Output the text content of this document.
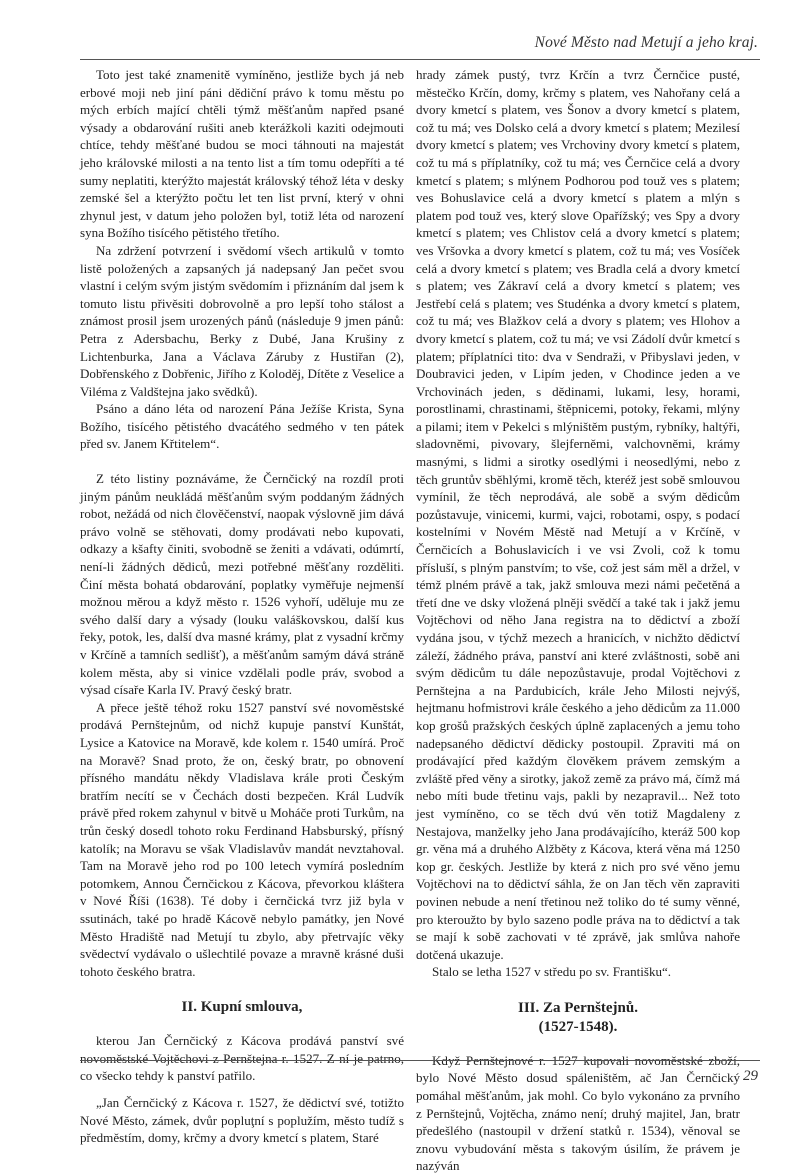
Nové Město nad Metují a jeho kraj.

Toto jest také znamenitě vymíněno, jestliže bych já neb erbové moji neb jiní páni dědiční právo k tomu městu po mých erbích mající chtěli týmž měšťanům napřed psané výsady a obdarování rušiti aneb kterážkoli kaziti odejmouti chtíce, tehdy měšťané budou se moci táhnouti na majestát jeho královské milosti a na tento list a tím tomu odepříti a té sumy neplatiti, kterýžto majestát královský téhož léta v desky zemské šel a kterýžto počtu let ten list první, který v ohni zhynul jest, v datum jeho položen byl, totiž léta od narození syna Božího tisícého pětistého třetího.

Na zdržení potvrzení i svědomí všech artikulů v tomto listě položených a zapsaných já nadepsaný Jan pečet svou vlastní i celým svým jistým svědomím i přiznáním dal jsem k tomuto listu přivěsiti dobrovolně a pro lepší toho stálost a známost prosil jsem urozených pánů (následuje 9 jmen pánů: Petra z Adersbachu, Berky z Dubé, Jana Krušiny z Lichtenburka, Jana a Václava Záruby z Hustiřan (2), Dobřenského z Dobřenic, Jiřího z Koloděj, Dítěte z Veselice a Viléma z Valdštejna jako svědků).

Psáno a dáno léta od narození Pána Ježíše Krista, Syna Božího, tisícého pětistého dvacátého sedmého v ten pátek před sv. Janem Křtitelem“.

Z této listiny poznáváme, že Černčický na rozdíl proti jiným pánům neukládá měšťanům svým poddaným žádných robot, nežádá od nich člověčenství, naopak výslovně jim dává právo volně se stěhovati, domy prodávati nebo kupovati, odkazy a kšafty činiti, svobodně se ženiti a vdávati, odúmrtí, není-li žádných dědiců, mezi potřebné měšťany rozděliti. Činí města bohatá obdarování, poplatky vyměřuje nejmenší možnou měrou a když město r. 1526 vyhoří, uděluje mu ze svého další dary a výsady (louku valáškovskou, další kus řeky, potok, les, další dva masné krámy, plat z vysadní krčmy v Krčíně a tamních sedlišť), a měšťanům samým dává stráně kolem města, aby si vinice vzdělali podle práv, svobod a výsad císaře Karla IV. Pravý český bratr.

A přece ještě téhož roku 1527 panství své novoměstské prodává Pernštejnům, od nichž kupuje panství Kunštát, Lysice a Katovice na Moravě, kde kolem r. 1540 umírá. Proč na Moravě? Snad proto, že on, český bratr, po obnovení přísného mandátu někdy Vladislava krále proti Českým bratřím necítí se v Čechách dosti bezpečen. Král Ludvík právě před rokem zahynul v bitvě u Moháče proti Turkům, na trůn český dosedl tohoto roku Ferdinand Habsburský, přísný katolík; na Moravu se však Vladislavův mandát nevztahoval. Tam na Moravě jeho rod po 100 letech vymírá posledním potomkem, Annou Černčickou z Kácova, převorkou kláštera v Nové Říši (1638). Té doby i černčická tvrz již byla v ssutinách, také po hradě Kácově nebylo památky, jen Nové Město Hradiště nad Metují tu zbylo, aby přetrvajíc věky svědectví vydávalo o ušlechtilé povaze a mravně krásné duši tohoto českého bratra.

II. Kupní smlouva,

kterou Jan Černčický z Kácova prodává panství své novoměstské Vojtěchovi z Pernštejna r. 1527. Z ní je patrno, co všecko tehdy k panství patřilo.

„Jan Černčický z Kácova r. 1527, že dědictví své, totižto Nové Město, zámek, dvůr popluţní s poplužím, město tudíž s předměstím, domy, krčmy a dvory kmetcí s platem, Staré

hrady zámek pustý, tvrz Krčín a tvrz Černčice pusté, městečko Krčín, domy, krčmy s platem, ves Nahořany celá a dvory kmetcí s platem, ves Šonov a dvory kmetcí s platem, což tu má; ves Dolsko celá a dvory kmetcí s platem; Mezilesí dvory kmetcí s platem; ves Vrchoviny dvory kmetcí s platem, což tu má s příplatníky, což tu má; ves Černčice celá a dvory kmetcí s platem; s mlýnem Podhorou pod touž ves s platem; ves Bohuslavice celá a dvory kmetcí s platem a mlýn s platem pod touž ves, který slove Opařížský; ves Spy a dvory kmetcí s platem; ves Chlistov celá a dvory kmetcí s platem; ves Vršovka a dvory kmetcí s platem, což tu má; ves Vosíček celá a dvory kmetcí s platem; ves Bradla celá a dvory kmetcí s platem; ves Zákraví celá a dvory kmetcí s platem; ves Jestřebí celá s platem; ves Studénka a dvory kmetcí s platem, což tu má; ves Blažkov celá a dvory s platem; ves Hlohov a dvory kmetcí s platem, což tu má; ve vsi Zádolí dvůr kmetcí s platem; příplatníci tito: dva v Sendraži, v Přibyslavi jeden, v Doubravici jeden, v Lipím jeden, v Chodince jeden a ve Vrchovinách jeden, s dědinami, lukami, lesy, horami, porostlinami, chrastinami, štěpnicemi, potoky, řekami, mlýny a pilami; item v Pekelci s mlýništěm pustým, rybníky, haltýři, sladovněmi, pivovary, šlejferněmi, valchovněmi, krámy masnými, s lidmi a sirotky osedlými i neosedlými, nebo z těch gruntův sběhlými, kromě těch, kteréž jest sobě smlouvou vymínil, že těch neprodává, ale sobě a svým dědicům pozůstavuje, vinicemi, kurmi, vajci, robotami, ospy, s podací kostelními v Novém Městě nad Metují a v Krčíně, v Černčicích a Bohuslavicích i ve vsi Zvoli, což k tomu přísluší, s plným panstvím; to vše, což jest sám měl a držel, v témž plném právě a tak, jakž smlouva mezi námi pečetěná a třetí dne ve dsky vložená plněji svědčí a také tak i jakž jemu Vojtěchovi od něho Jana registra na to dědictví a zboží vydána jsou, v týchž mezech a hranicích, v nichžto dědictví záleží, žádného práva, panství ani které zvláštnosti, sobě ani svým dědicům tu dále nepozůstavuje, prodal Vojtěchovi z Pernštejna a na Pardubicích, krále Jeho Milosti nejvýš, hejtmanu hofmistrovi krále českého a jeho dědicům za 11.000 kop grošů pražských českých úplně zaplacených a jemu toho nadepsaného dědictví dědicky postoupil. Zpraviti má on prodávající před každým člověkem právem zemským a zvláště před věny a sirotky, jakož země za právo má, čímž má nebo míti bude třetinu vajs, pakli by nezapravil... Než toto jest vymíněno, co se těch dvú věn totiž Magdaleny z Nestajova, manželky jeho Jana prodávajícího, kteráž 500 kop gr. věna má a druhého Alžběty z Kácova, která věna má 1250 kop gr. českých. Jestliže by která z nich pro své věno jemu Vojtěchovi na to dědictví sáhla, že on Jan těch věn zapraviti povinen nebude a není třetinou než toliko do té sumy věnné, pro kteroužto by bylo sazeno podle práva na to dědictví a tak se mají k sobě zachovati v té zprávě, jak smlůva nahoře dotčená ukazuje.

Stalo se letha 1527 v středu po sv. Františku“.

III. Za Pernštejnů.
(1527-1548).

Když Pernštejnové r. 1527 kupovali novoměstské zboží, bylo Nové Město dosud spáleništěm, ač Jan Černčický pomáhal měšťanům, jak mohl. Co bylo vykonáno za prvního z Pernštejnů, Vojtěcha, známo není; druhý majitel, Jan, bratr předešlého (nastoupil v držení statků r. 1534), věnoval se znovu vybudování města s takovým úsilím, že právem je nazýván

29
